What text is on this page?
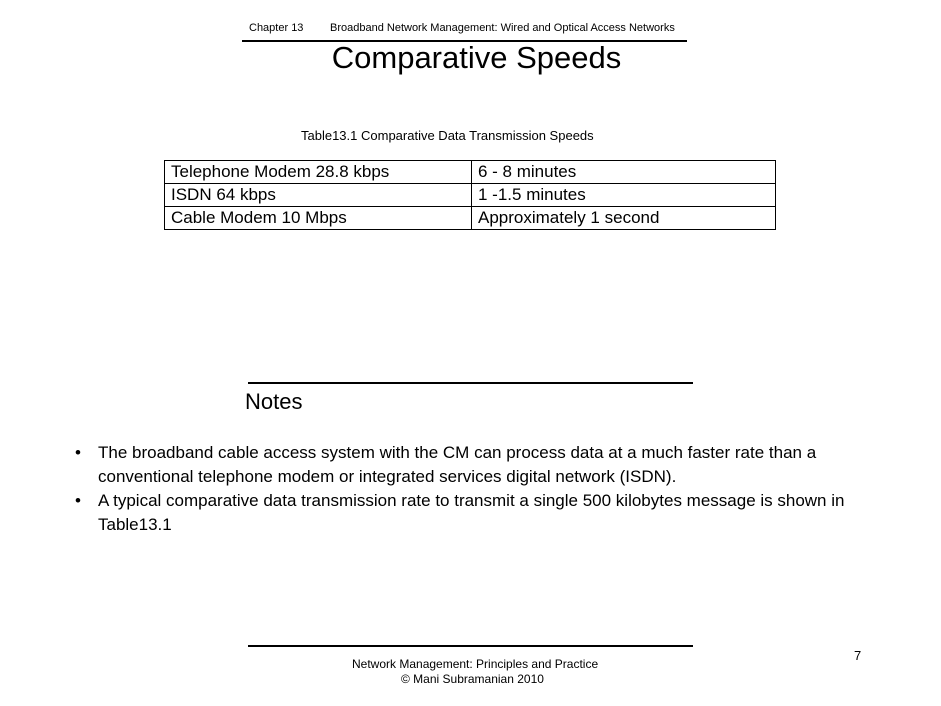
Chapter 13 Broadband Network Management: Wired and Optical Access Networks
Comparative Speeds
Table13.1 Comparative Data Transmission Speeds
Telephone Modem 28.8 kbps	6 - 8 minutes
ISDN 64 kbps	1 -1.5 minutes
Cable Modem 10 Mbps	Approximately 1 second
Notes
• The broadband cable access system with the CM can process data at a much faster rate than a conventional telephone modem or integrated services digital network (ISDN).
• A typical comparative data transmission rate to transmit a single 500 kilobytes message is shown in Table13.1
Network Management: Principles and Practice
© Mani Subramanian 2010
7
